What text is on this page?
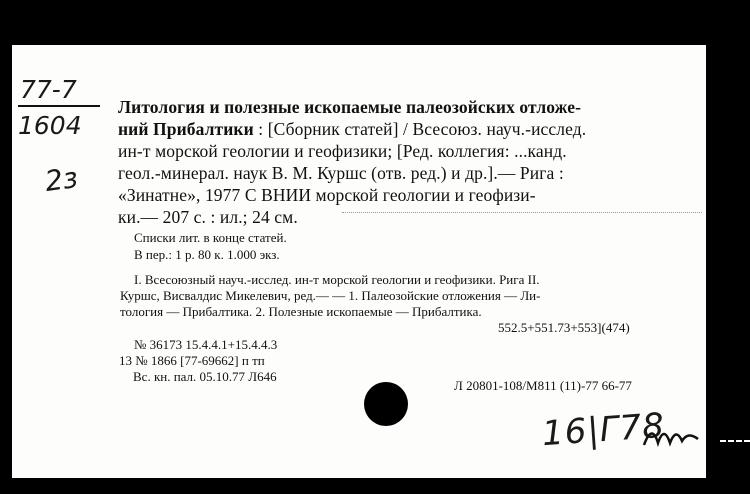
77-7
1604
2з
Литология и полезные ископаемые палеозойских отложе-
ний Прибалтики : [Сборник статей] / Всесоюз. науч.-исслед.
ин-т морской геологии и геофизики; [Ред. коллегия: ...канд.
геол.-минерал. наук В. М. Куршс (отв. ред.) и др.].— Рига :
«Зинатне», 1977 С ВНИИ морской геологии и геофизи-
ки.— 207 с. : ил.; 24 см.
Списки лит. в конце статей.
В пер.: 1 р. 80 к. 1.000 экз.
I. Всесоюзный науч.-исслед. ин-т морской геологии и геофизики. Рига II.
Куршс, Висвалдис Микелевич, ред.— — 1. Палеозойские отложения — Ли-
тология — Прибалтика. 2. Полезные ископаемые — Прибалтика.
552.5+551.73+553](474)
№ 36173 15.4.4.1+15.4.4.3
13 № 1866 [77-69662] п тп
Вс. кн. пал. 05.10.77 Л646
Л 20801-108/М811 (11)-77 66-77
16|Г78
